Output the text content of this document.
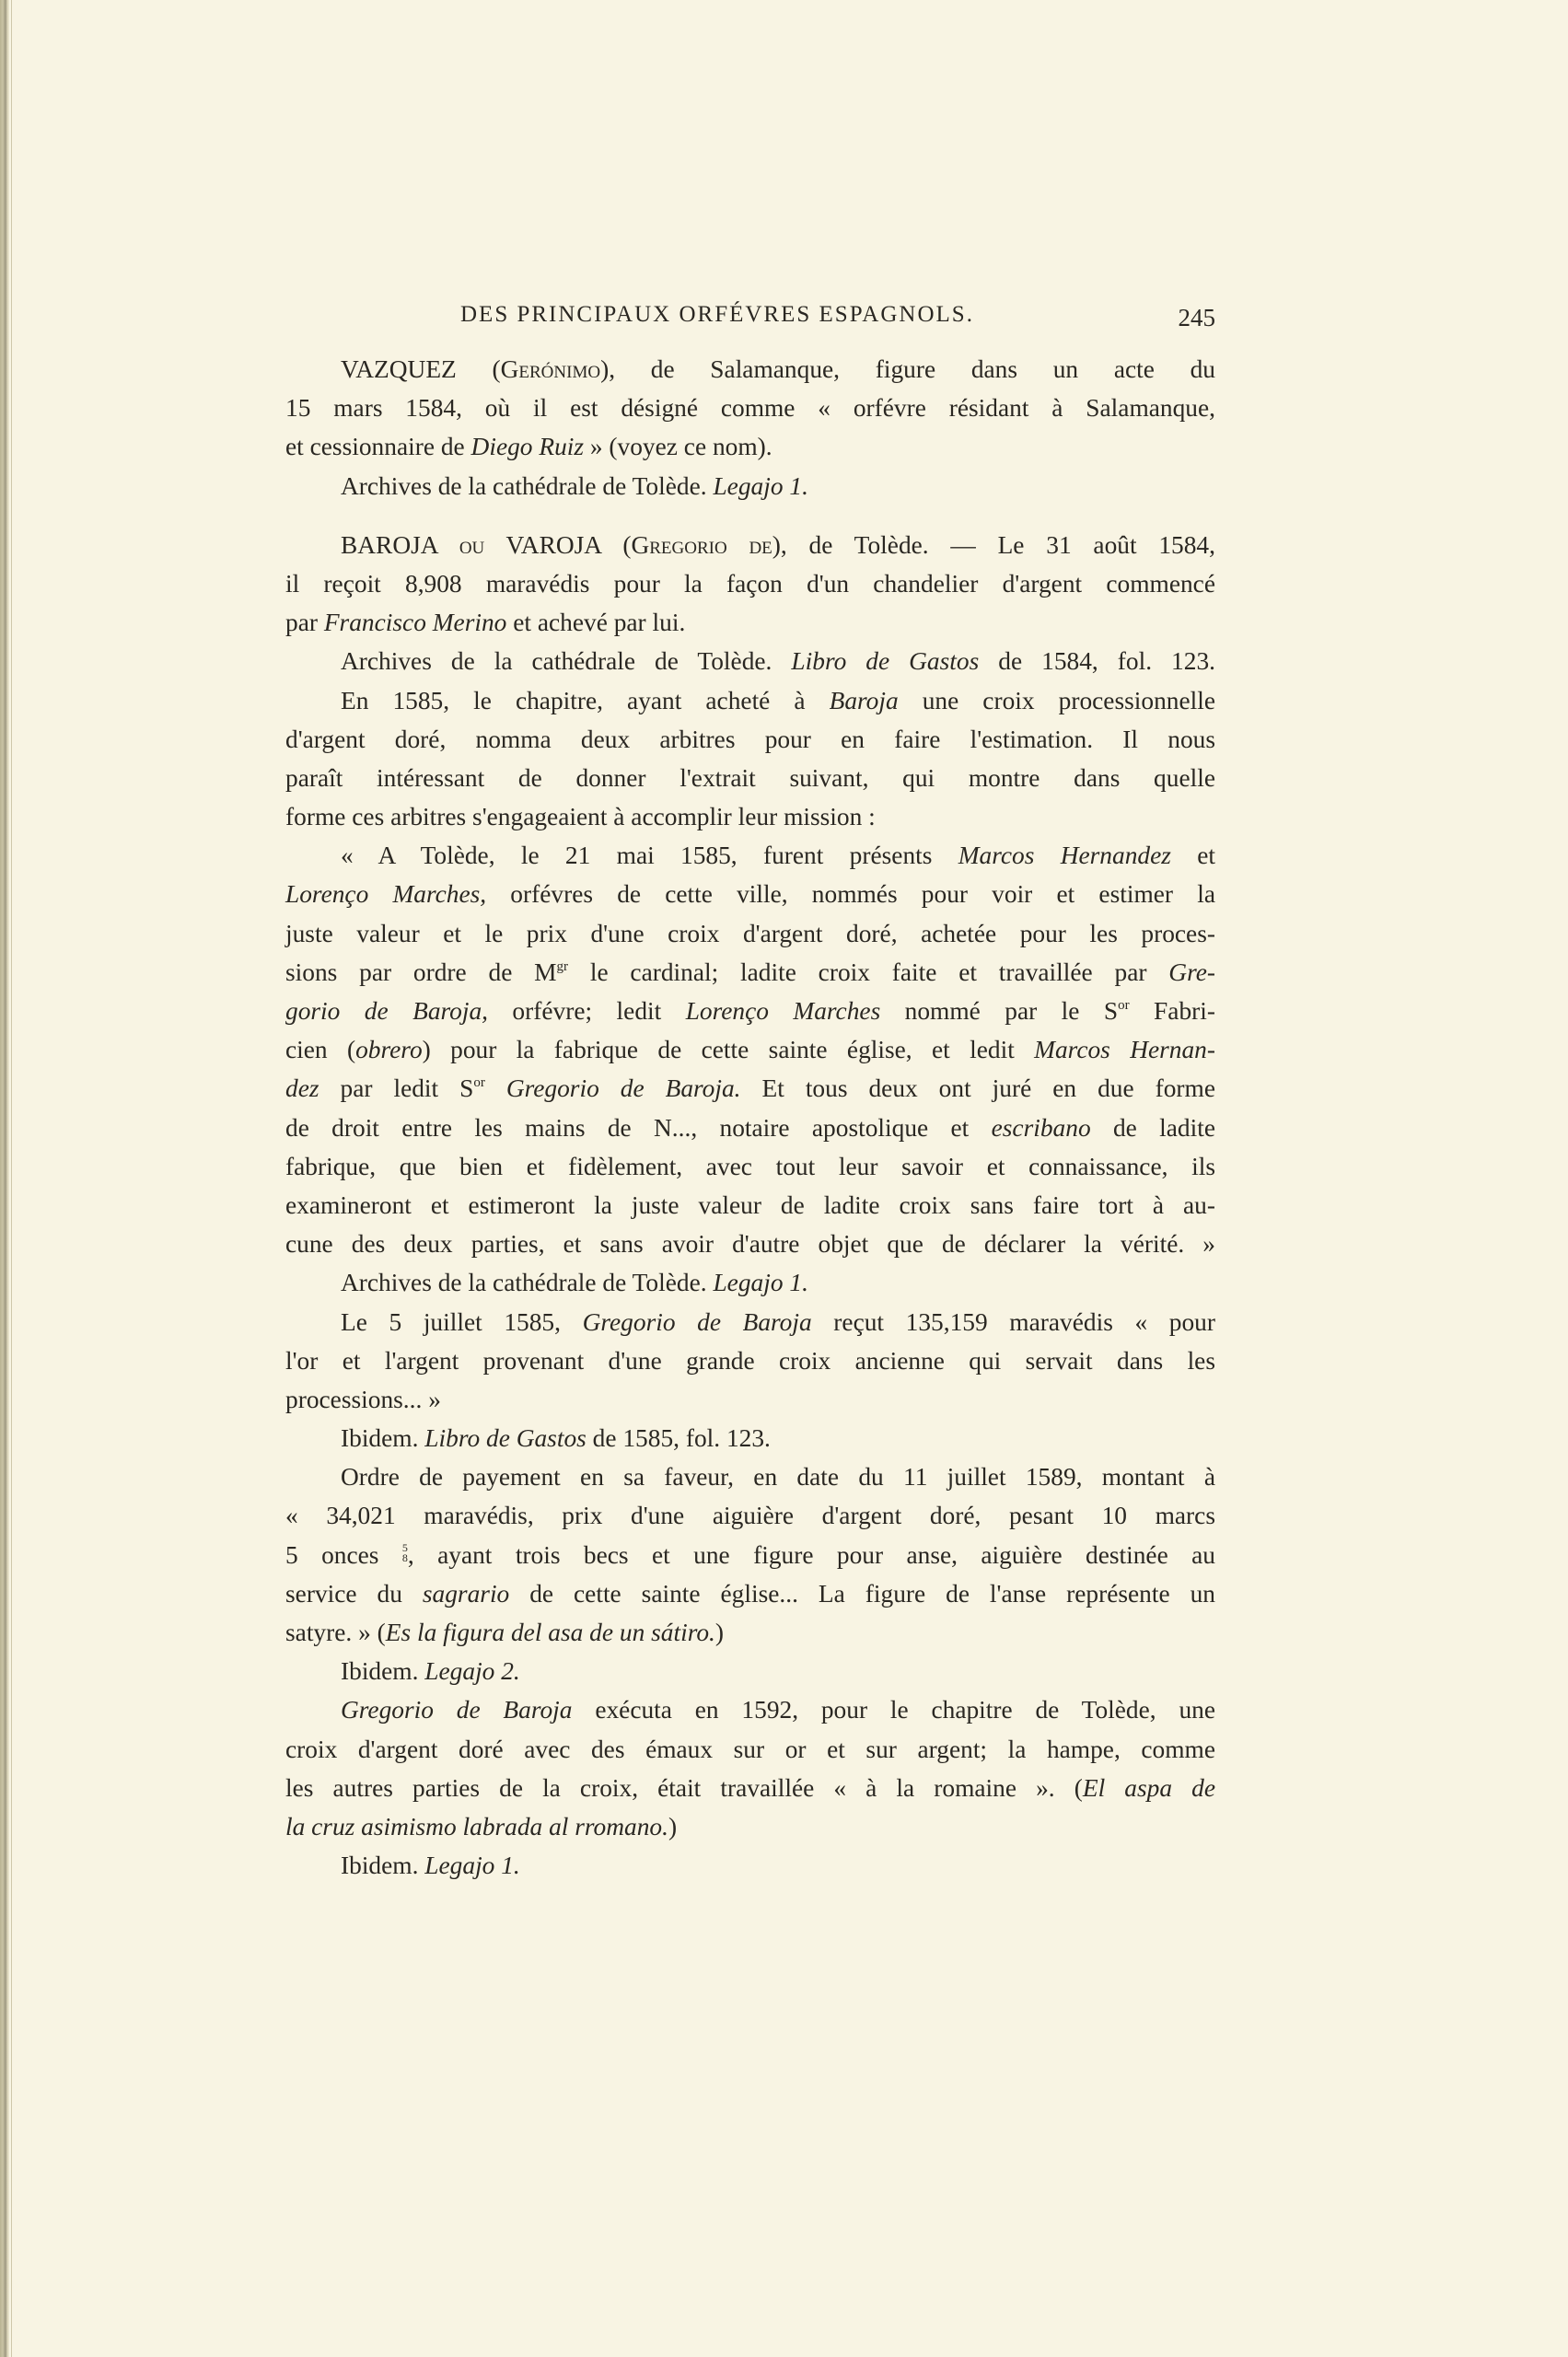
DES PRINCIPAUX ORFÉVRES ESPAGNOLS.	245
VAZQUEZ (Gerónimo), de Salamanque, figure dans un acte du
15 mars 1584, où il est désigné comme « orfévre résidant à Salamanque,
et cessionnaire de Diego Ruiz » (voyez ce nom).
Archives de la cathédrale de Tolède. Legajo 1.
BAROJA ou VAROJA (Gregorio de), de Tolède. — Le 31 août 1584,
il reçoit 8,908 maravédis pour la façon d'un chandelier d'argent commencé
par Francisco Merino et achevé par lui.
Archives de la cathédrale de Tolède. Libro de Gastos de 1584, fol. 123.
En 1585, le chapitre, ayant acheté à Baroja une croix processionnelle
d'argent doré, nomma deux arbitres pour en faire l'estimation. Il nous
paraît intéressant de donner l'extrait suivant, qui montre dans quelle
forme ces arbitres s'engageaient à accomplir leur mission :
« A Tolède, le 21 mai 1585, furent présents Marcos Hernandez et
Lorenço Marches, orfévres de cette ville, nommés pour voir et estimer la
juste valeur et le prix d'une croix d'argent doré, achetée pour les proces-
sions par ordre de $M^{gr}$ le cardinal; ladite croix faite et travaillée par Gre-
gorio de Baroja, orfévre; ledit Lorenço Marches nommé par le $S^{or}$ Fabri-
cien (obrero) pour la fabrique de cette sainte église, et ledit Marcos Hernan-
dez par ledit $S^{or}$ Gregorio de Baroja. Et tous deux ont juré en due forme
de droit entre les mains de N..., notaire apostolique et escribano de ladite
fabrique, que bien et fidèlement, avec tout leur savoir et connaissance, ils
examineront et estimeront la juste valeur de ladite croix sans faire tort à au-
cune des deux parties, et sans avoir d'autre objet que de déclarer la vérité. »
Archives de la cathédrale de Tolède. Legajo 1.
Le 5 juillet 1585, Gregorio de Baroja reçut 135,159 maravédis « pour
l'or et l'argent provenant d'une grande croix ancienne qui servait dans les
processions... »
Ibidem. Libro de Gastos de 1585, fol. 123.
Ordre de payement en sa faveur, en date du 11 juillet 1589, montant à
« 34,021 maravédis, prix d'une aiguière d'argent doré, pesant 10 marcs
5 onces 5
8 , ayant trois becs et une figure pour anse, aiguière destinée au
service du sagrario de cette sainte église... La figure de l'anse représente un
satyre. » (Es la figura del asa de un sátiro.)
Ibidem. Legajo 2.
Gregorio de Baroja exécuta en 1592, pour le chapitre de Tolède, une
croix d'argent doré avec des émaux sur or et sur argent; la hampe, comme
les autres parties de la croix, était travaillée « à la romaine ». (El aspa de
la cruz asimismo labrada al rromano.)
Ibidem. Legajo 1.
